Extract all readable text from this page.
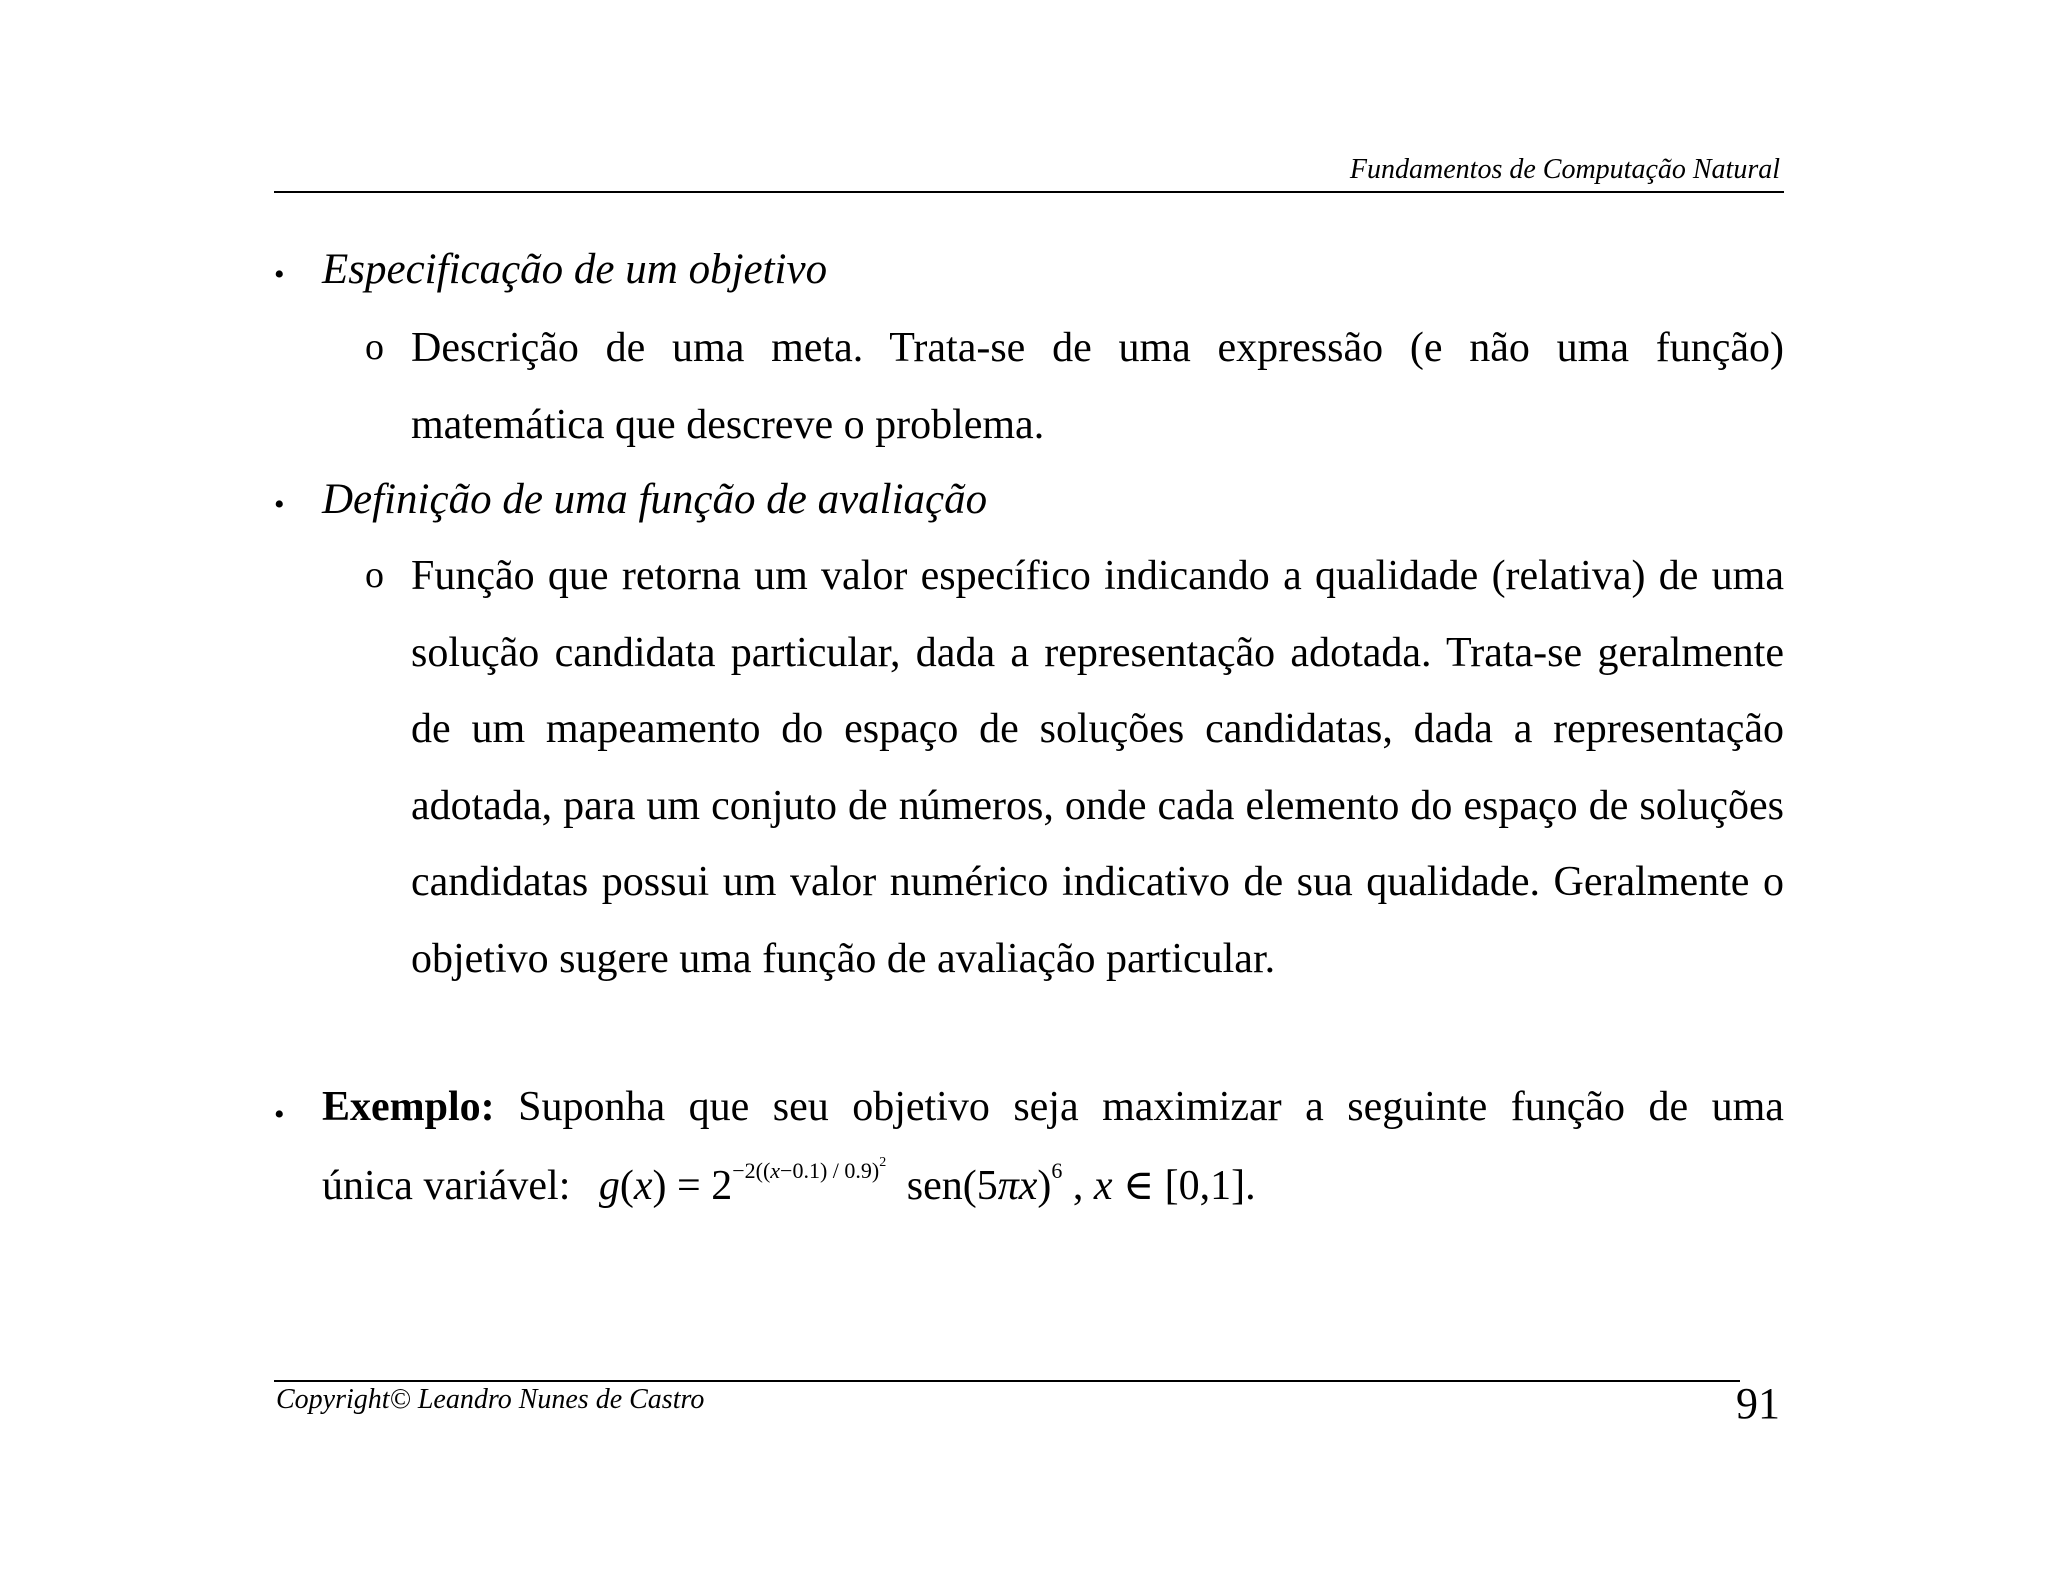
Fundamentos de Computação Natural
• Especificação de um objetivo
o Descrição de uma meta. Trata-se de uma expressão (e não uma função) matemática que descreve o problema.

• Definição de uma função de avaliação
o Função que retorna um valor específico indicando a qualidade (relativa) de uma solução candidata particular, dada a representação adotada. Trata-se geralmente de um mapeamento do espaço de soluções candidatas, dada a representação adotada, para um conjuto de números, onde cada elemento do espaço de soluções candidatas possui um valor numérico indicativo de sua qualidade. Geralmente o objetivo sugere uma função de avaliação particular.

• Exemplo: Suponha que seu objetivo seja maximizar a seguinte função de uma
única variável: $g(x) = 2^{-2((x-0.1) / 0.9)^2}$ $sen(5\pi x)^6$ , x ∈ [0,1].
Copyright© Leandro Nunes de Castro	91
